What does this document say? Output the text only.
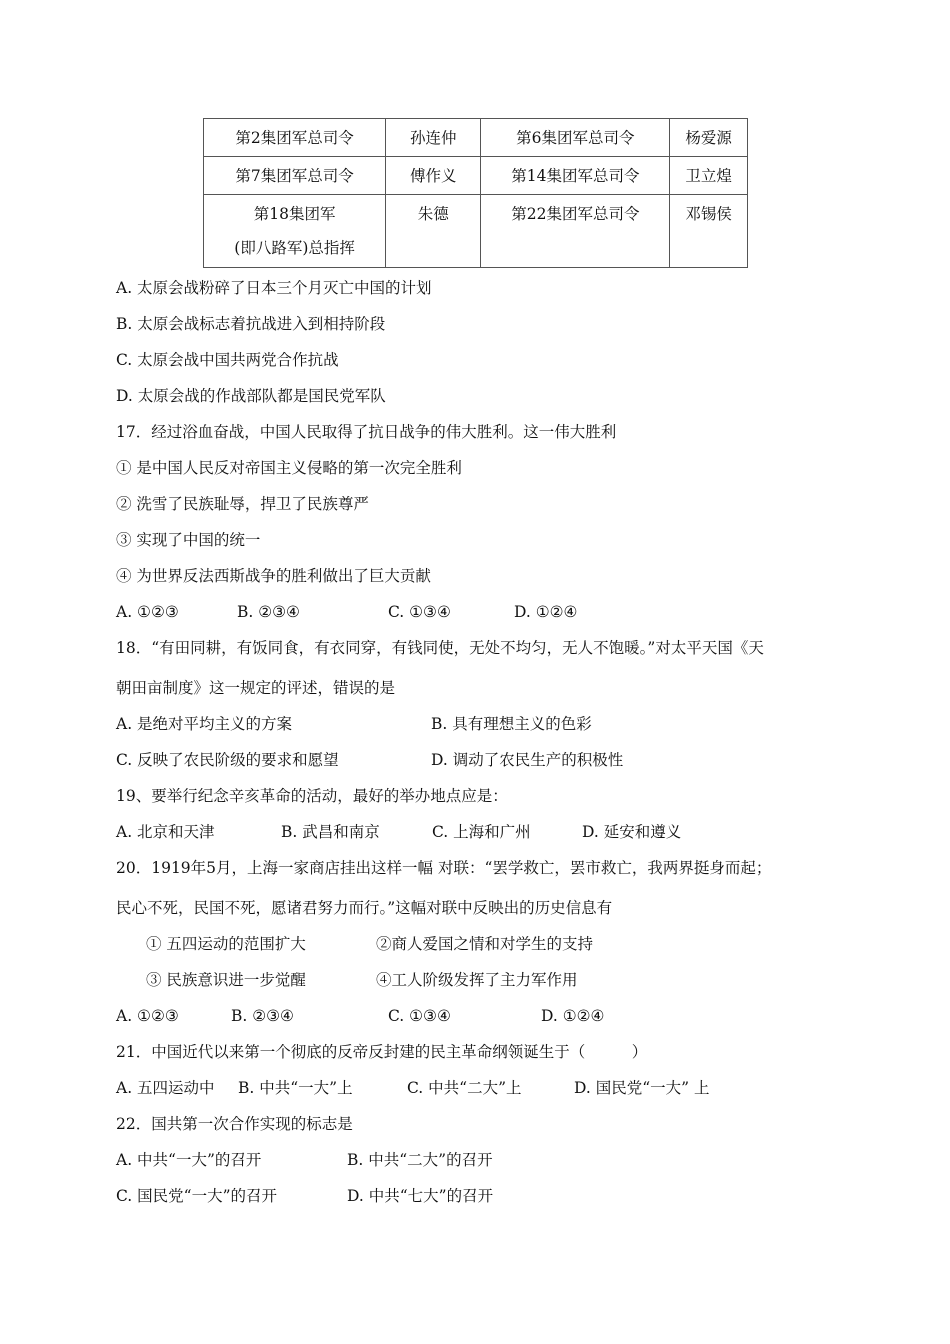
第2集团军总司令	孙连仲	第6集团军总司令	杨爱源
第7集团军总司令	傅作义	第14集团军总司令	卫立煌
第18集团军
(即八路军)总指挥	朱德	第22集团军总司令	邓锡侯
A. 太原会战粉碎了日本三个月灭亡中国的计划
B. 太原会战标志着抗战进入到相持阶段
C. 太原会战中国共两党合作抗战
D. 太原会战的作战部队都是国民党军队
17．经过浴血奋战，中国人民取得了抗日战争的伟大胜利。这一伟大胜利
① 是中国人民反对帝国主义侵略的第一次完全胜利
② 洗雪了民族耻辱，捍卫了民族尊严
③ 实现了中国的统一
④ 为世界反法西斯战争的胜利做出了巨大贡献
A. ①②③	B. ②③④	C. ①③④	D. ①②④
18．“有田同耕，有饭同食，有衣同穿，有钱同使，无处不均匀，无人不饱暖。”对太平天国《天
朝田亩制度》这一规定的评述，错误的是
A. 是绝对平均主义的方案	B. 具有理想主义的色彩
C. 反映了农民阶级的要求和愿望	D. 调动了农民生产的积极性
19、要举行纪念辛亥革命的活动，最好的举办地点应是：
A. 北京和天津	B. 武昌和南京	C. 上海和广州	D. 延安和遵义
20．1919年5月，上海一家商店挂出这样一幅 对联：“罢学救亡，罢市救亡，我两界挺身而起；
民心不死，民国不死，愿诸君努力而行。”这幅对联中反映出的历史信息有
① 五四运动的范围扩大	②商人爱国之情和对学生的支持
③ 民族意识进一步觉醒	④工人阶级发挥了主力军作用
A. ①②③	B. ②③④	C. ①③④	D. ①②④
21．中国近代以来第一个彻底的反帝反封建的民主革命纲领诞生于（　　　）
A. 五四运动中 B. 中共“一大”上	C. 中共“二大”上	D. 国民党“一大” 上
22．国共第一次合作实现的标志是
A. 中共“一大”的召开	B. 中共“二大”的召开
C. 国民党“一大”的召开	D. 中共“七大”的召开
